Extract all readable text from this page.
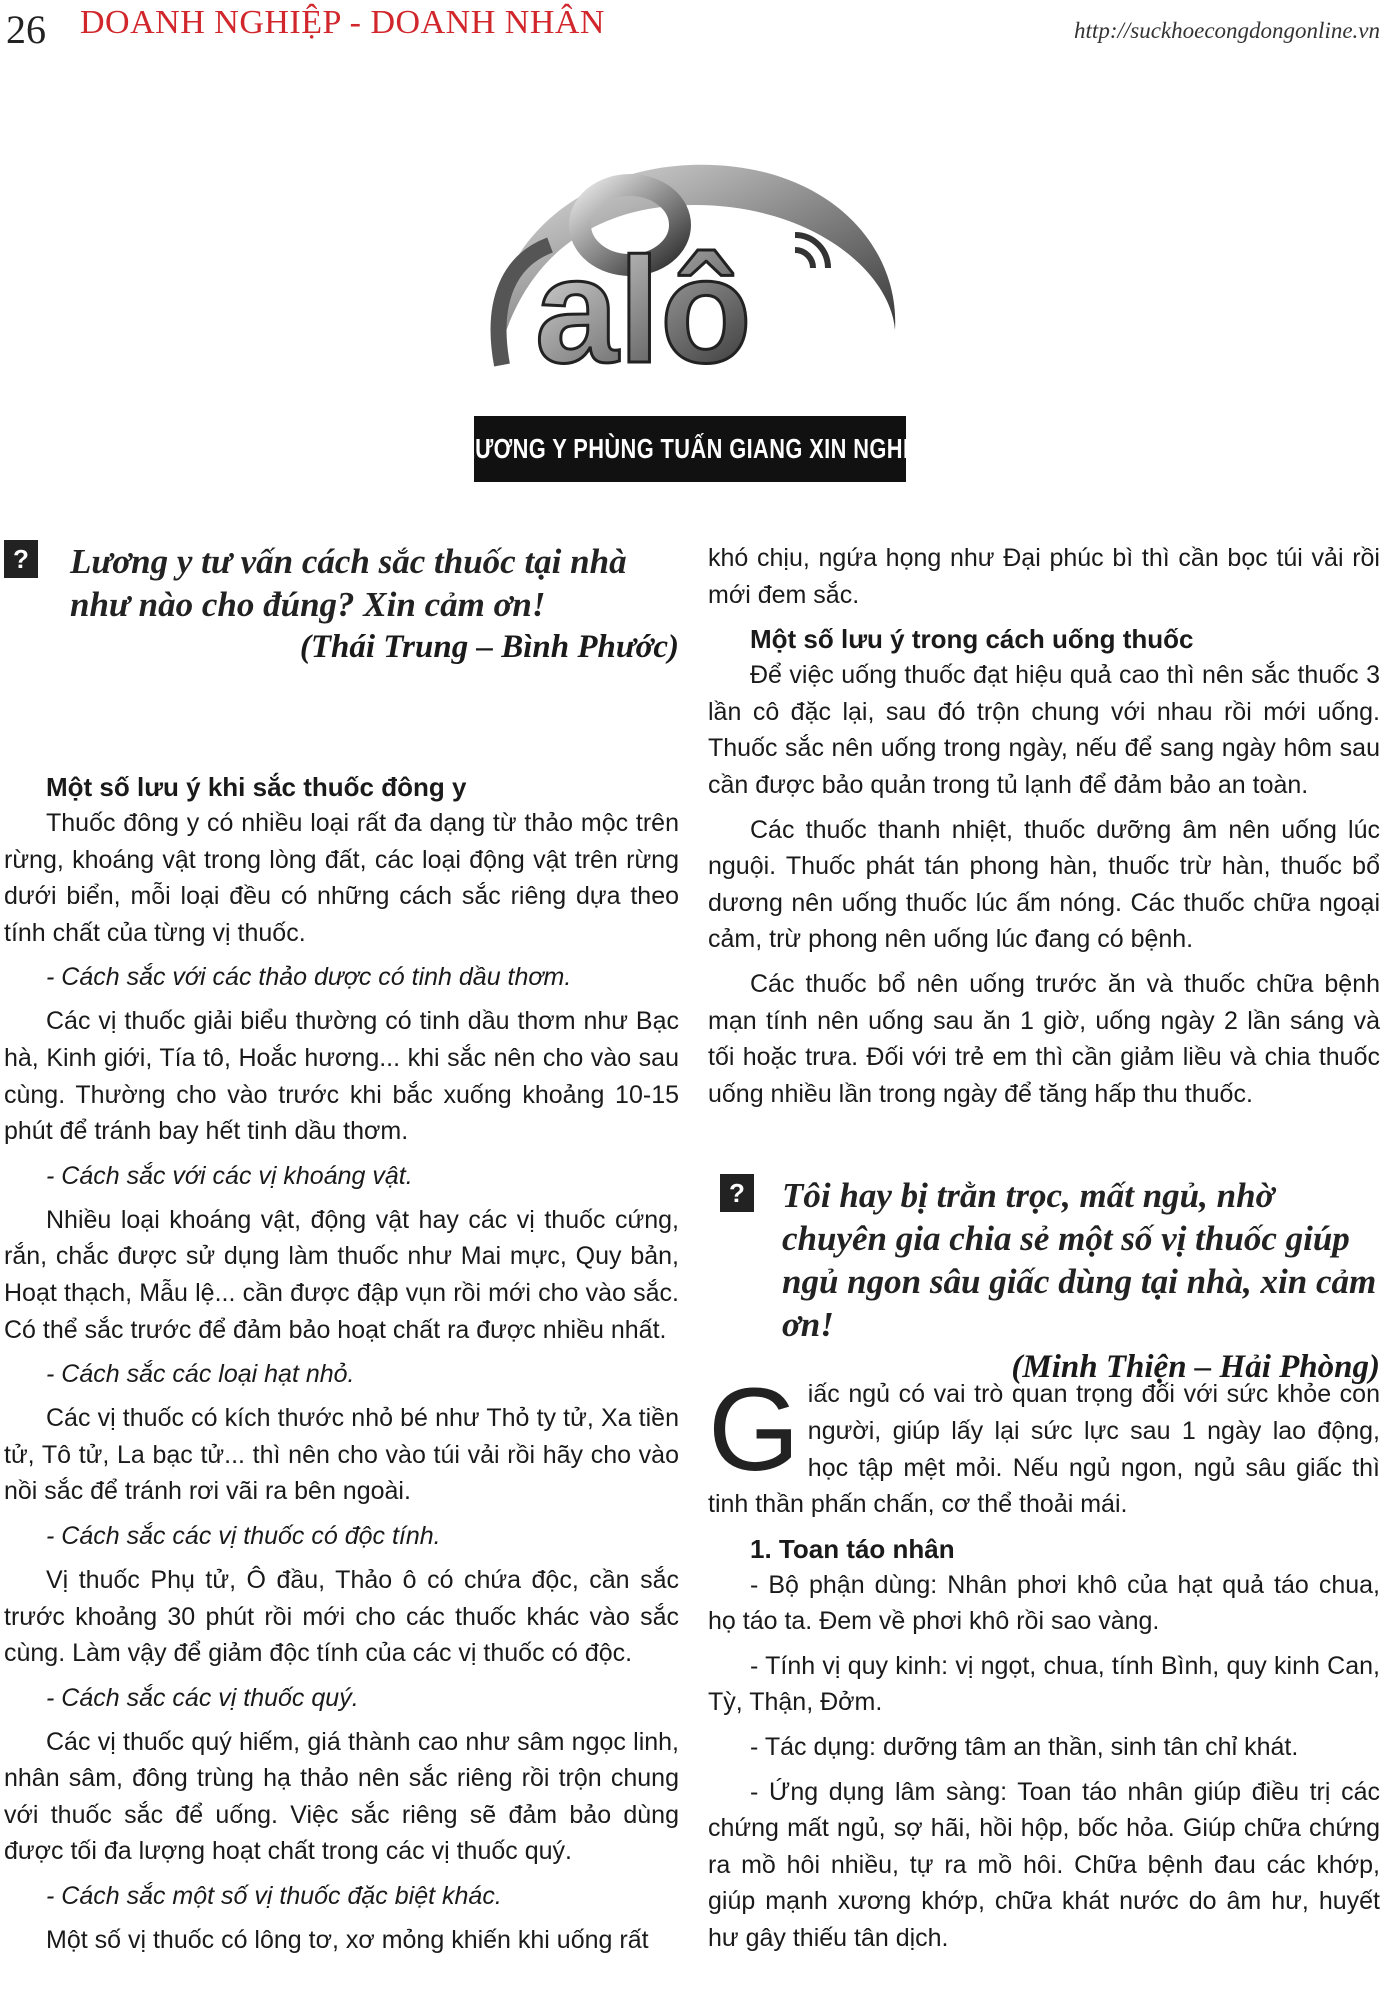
26 DOANH NGHIỆP - DOANH NHÂN	http://suckhoecongdongonline.vn
alô
LƯƠNG Y PHÙNG TUẤN GIANG XIN NGHE
? Lương y tư vấn cách sắc thuốc tại nhà như nào cho đúng? Xin cảm ơn!
(Thái Trung – Bình Phước)

Một số lưu ý khi sắc thuốc đông y

Thuốc đông y có nhiều loại rất đa dạng từ thảo mộc trên rừng, khoáng vật trong lòng đất, các loại động vật trên rừng dưới biển, mỗi loại đều có những cách sắc riêng dựa theo tính chất của từng vị thuốc.

- Cách sắc với các thảo dược có tinh dầu thơm.

Các vị thuốc giải biểu thường có tinh dầu thơm như Bạc hà, Kinh giới, Tía tô, Hoắc hương... khi sắc nên cho vào sau cùng. Thường cho vào trước khi bắc xuống khoảng 10-15 phút để tránh bay hết tinh dầu thơm.

- Cách sắc với các vị khoáng vật.

Nhiều loại khoáng vật, động vật hay các vị thuốc cứng, rắn, chắc được sử dụng làm thuốc như Mai mực, Quy bản, Hoạt thạch, Mẫu lệ... cần được đập vụn rồi mới cho vào sắc. Có thể sắc trước để đảm bảo hoạt chất ra được nhiều nhất.

- Cách sắc các loại hạt nhỏ.

Các vị thuốc có kích thước nhỏ bé như Thỏ ty tử, Xa tiền tử, Tô tử, La bạc tử... thì nên cho vào túi vải rồi hãy cho vào nồi sắc để tránh rơi vãi ra bên ngoài.

- Cách sắc các vị thuốc có độc tính.

Vị thuốc Phụ tử, Ô đầu, Thảo ô có chứa độc, cần sắc trước khoảng 30 phút rồi mới cho các thuốc khác vào sắc cùng. Làm vậy để giảm độc tính của các vị thuốc có độc.

- Cách sắc các vị thuốc quý.

Các vị thuốc quý hiếm, giá thành cao như sâm ngọc linh, nhân sâm, đông trùng hạ thảo nên sắc riêng rồi trộn chung với thuốc sắc để uống. Việc sắc riêng sẽ đảm bảo dùng được tối đa lượng hoạt chất trong các vị thuốc quý.

- Cách sắc một số vị thuốc đặc biệt khác.

Một số vị thuốc có lông tơ, xơ mỏng khiến khi uống rất

khó chịu, ngứa họng như Đại phúc bì thì cần bọc túi vải rồi mới đem sắc.

Một số lưu ý trong cách uống thuốc

Để việc uống thuốc đạt hiệu quả cao thì nên sắc thuốc 3 lần cô đặc lại, sau đó trộn chung với nhau rồi mới uống. Thuốc sắc nên uống trong ngày, nếu để sang ngày hôm sau cần được bảo quản trong tủ lạnh để đảm bảo an toàn.

Các thuốc thanh nhiệt, thuốc dưỡng âm nên uống lúc nguội. Thuốc phát tán phong hàn, thuốc trừ hàn, thuốc bổ dương nên uống thuốc lúc ấm nóng. Các thuốc chữa ngoại cảm, trừ phong nên uống lúc đang có bệnh.

Các thuốc bổ nên uống trước ăn và thuốc chữa bệnh mạn tính nên uống sau ăn 1 giờ, uống ngày 2 lần sáng và tối hoặc trưa. Đối với trẻ em thì cần giảm liều và chia thuốc uống nhiều lần trong ngày để tăng hấp thu thuốc.

? Tôi hay bị trằn trọc, mất ngủ, nhờ chuyên gia chia sẻ một số vị thuốc giúp ngủ ngon sâu giấc dùng tại nhà, xin cảm ơn!
(Minh Thiện – Hải Phòng)

Giấc ngủ có vai trò quan trọng đối với sức khỏe con người, giúp lấy lại sức lực sau 1 ngày lao động, học tập mệt mỏi. Nếu ngủ ngon, ngủ sâu giấc thì tinh thần phấn chấn, cơ thể thoải mái.

1. Toan táo nhân

- Bộ phận dùng: Nhân phơi khô của hạt quả táo chua, họ táo ta. Đem về phơi khô rồi sao vàng.

- Tính vị quy kinh: vị ngọt, chua, tính Bình, quy kinh Can, Tỳ, Thận, Đởm.

- Tác dụng: dưỡng tâm an thần, sinh tân chỉ khát.

- Ứng dụng lâm sàng: Toan táo nhân giúp điều trị các chứng mất ngủ, sợ hãi, hồi hộp, bốc hỏa. Giúp chữa chứng ra mồ hôi nhiều, tự ra mồ hôi. Chữa bệnh đau các khớp, giúp mạnh xương khớp, chữa khát nước do âm hư, huyết hư gây thiếu tân dịch.
